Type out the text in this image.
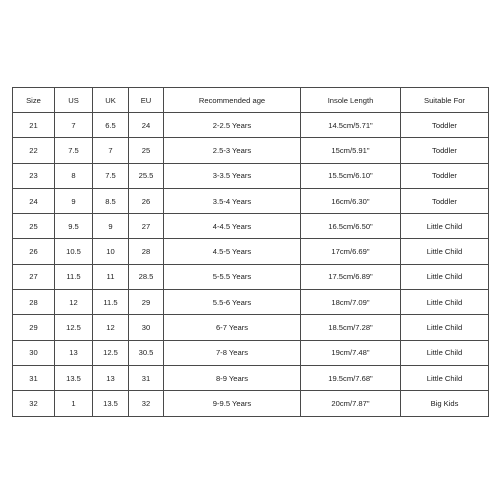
Size	US	UK	EU	Recommended age	Insole Length	Suitable For
21	7	6.5	24	2-2.5 Years	14.5cm/5.71"	Toddler
22	7.5	7	25	2.5-3 Years	15cm/5.91"	Toddler
23	8	7.5	25.5	3-3.5 Years	15.5cm/6.10"	Toddler
24	9	8.5	26	3.5-4 Years	16cm/6.30"	Toddler
25	9.5	9	27	4-4.5 Years	16.5cm/6.50"	Little Child
26	10.5	10	28	4.5-5 Years	17cm/6.69"	Little Child
27	11.5	11	28.5	5-5.5 Years	17.5cm/6.89"	Little Child
28	12	11.5	29	5.5-6 Years	18cm/7.09"	Little Child
29	12.5	12	30	6-7 Years	18.5cm/7.28"	Little Child
30	13	12.5	30.5	7-8 Years	19cm/7.48"	Little Child
31	13.5	13	31	8-9 Years	19.5cm/7.68"	Little Child
32	1	13.5	32	9-9.5 Years	20cm/7.87"	Big Kids
